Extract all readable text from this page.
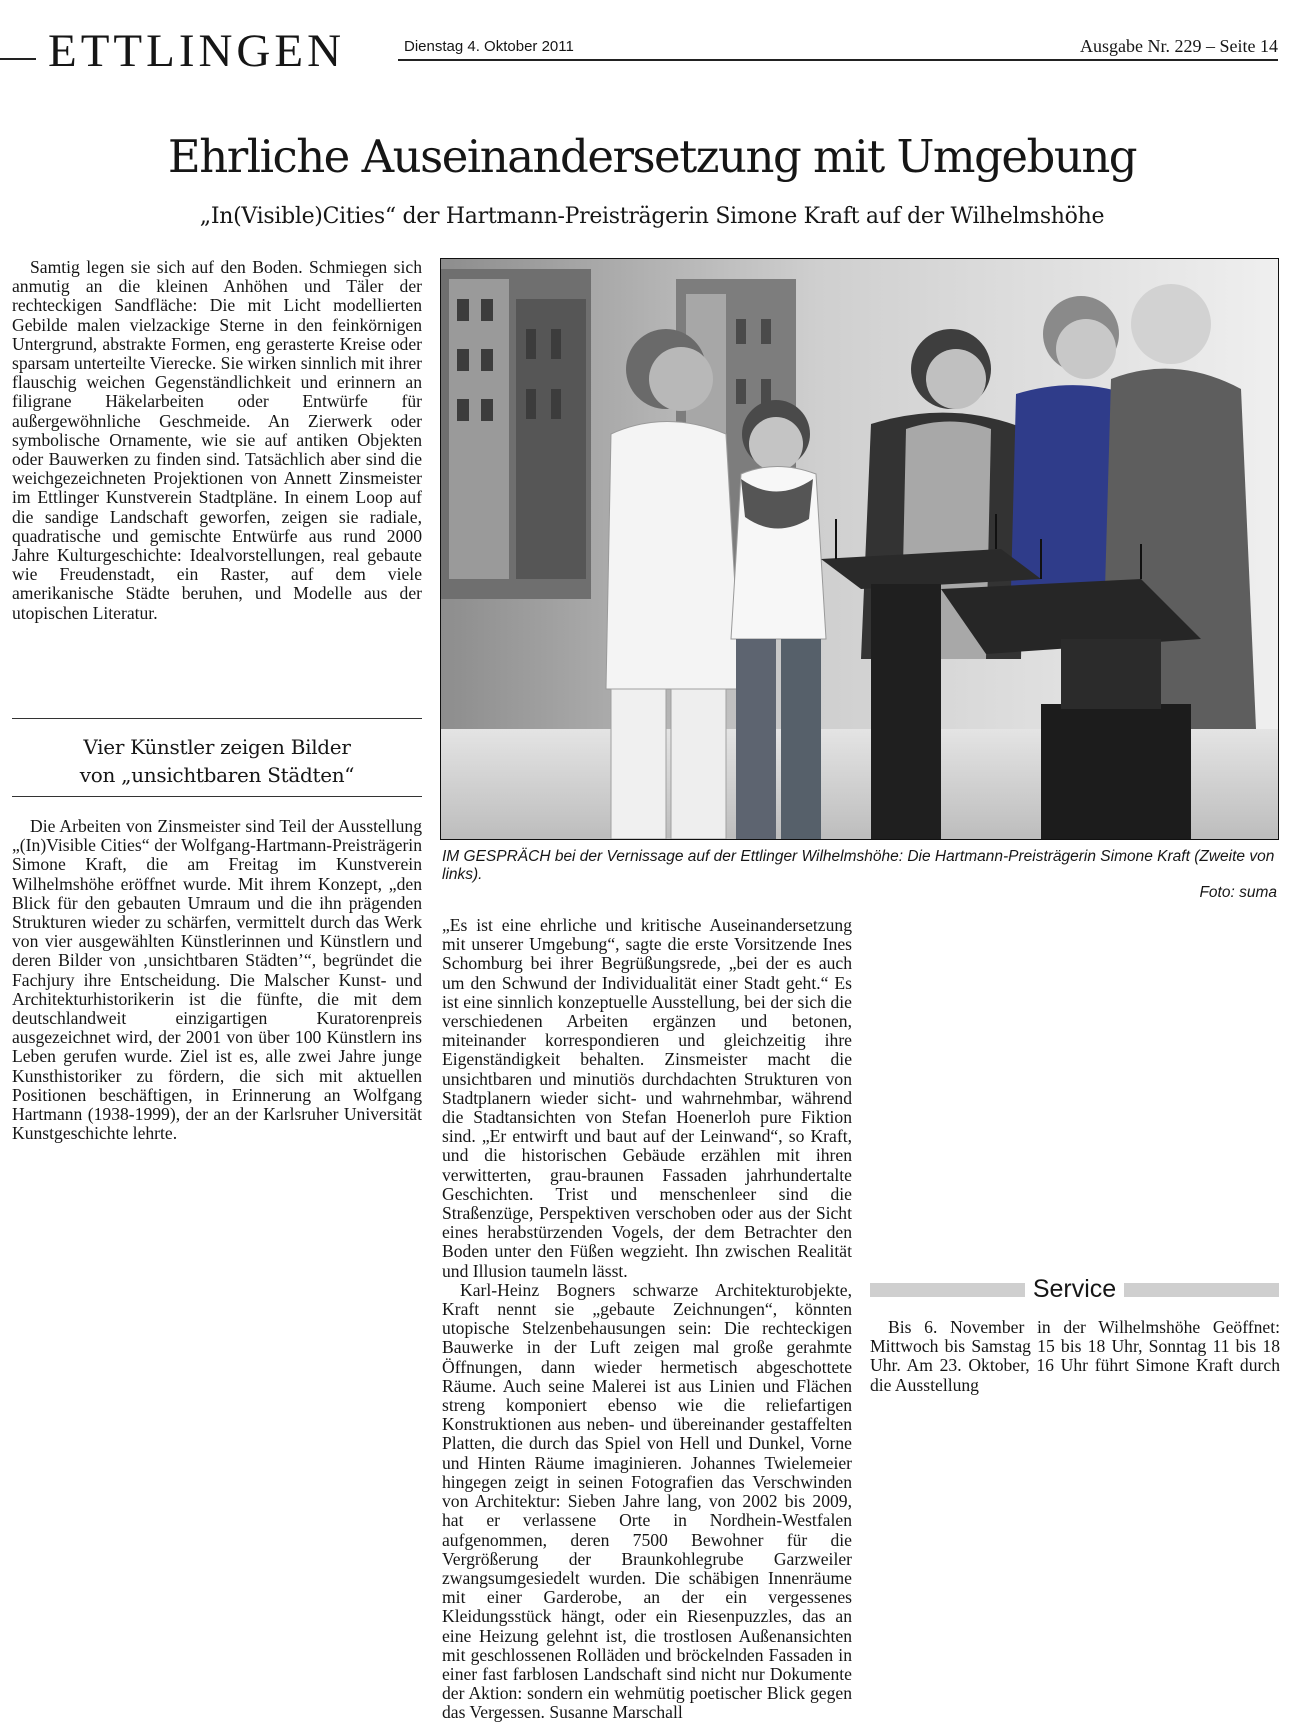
ETTLINGEN	Dienstag 4. Oktober 2011	Ausgabe Nr. 229 – Seite 14
Ehrliche Auseinandersetzung mit Umgebung
„In(Visible)Cities“ der Hartmann-Preisträgerin Simone Kraft auf der Wilhelmshöhe

Samtig legen sie sich auf den Boden. Schmiegen sich anmutig an die kleinen Anhöhen und Täler der rechteckigen Sandfläche: Die mit Licht modellierten Gebilde malen vielzackige Sterne in den feinkörnigen Untergrund, abstrakte Formen, eng gerasterte Kreise oder sparsam unterteilte Vierecke. Sie wirken sinnlich mit ihrer flauschig weichen Gegenständlichkeit und erinnern an filigrane Häkelarbeiten oder Entwürfe für außergewöhnliche Geschmeide. An Zierwerk oder symbolische Ornamente, wie sie auf antiken Objekten oder Bauwerken zu finden sind. Tatsächlich aber sind die weichgezeichneten Projektionen von Annett Zinsmeister im Ettlinger Kunstverein Stadtpläne. In einem Loop auf die sandige Landschaft geworfen, zeigen sie radiale, quadratische und gemischte Entwürfe aus rund 2000 Jahre Kulturgeschichte: Idealvorstellungen, real gebaute wie Freudenstadt, ein Raster, auf dem viele amerikanische Städte beruhen, und Modelle aus der utopischen Literatur.

Vier Künstler zeigen Bilder
von „unsichtbaren Städten“

Die Arbeiten von Zinsmeister sind Teil der Ausstellung „(In)Visible Cities“ der Wolfgang-Hartmann-Preisträgerin Simone Kraft, die am Freitag im Kunstverein Wilhelmshöhe eröffnet wurde. Mit ihrem Konzept, „den Blick für den gebauten Umraum und die ihn prägenden Strukturen wieder zu schärfen, vermittelt durch das Werk von vier ausgewählten Künstlerinnen und Künstlern und deren Bilder von ‚unsichtbaren Städten’“, begründet die Fachjury ihre Entscheidung. Die Malscher Kunst- und Architekturhistorikerin ist die fünfte, die mit dem deutschlandweit einzigartigen Kuratorenpreis ausgezeichnet wird, der 2001 von über 100 Künstlern ins Leben gerufen wurde. Ziel ist es, alle zwei Jahre junge Kunsthistoriker zu fördern, die sich mit aktuellen Positionen beschäftigen, in Erinnerung an Wolfgang Hartmann (1938-1999), der an der Karlsruher Universität Kunstgeschichte lehrte.

IM GESPRÄCH bei der Vernissage auf der Ettlinger Wilhelmshöhe: Die Hartmann-Preisträgerin Simone Kraft (Zweite von links).
Foto: suma

„Es ist eine ehrliche und kritische Auseinandersetzung mit unserer Umgebung“, sagte die erste Vorsitzende Ines Schomburg bei ihrer Begrüßungsrede, „bei der es auch um den Schwund der Individualität einer Stadt geht.“ Es ist eine sinnlich konzeptuelle Ausstellung, bei der sich die verschiedenen Arbeiten ergänzen und betonen, miteinander korrespondieren und gleichzeitig ihre Eigenständigkeit behalten. Zinsmeister macht die unsichtbaren und minutiös durchdachten Strukturen von Stadtplanern wieder sicht- und wahrnehmbar, während die Stadtansichten von Stefan Hoenerloh pure Fiktion sind. „Er entwirft und baut auf der Leinwand“, so Kraft, und die historischen Gebäude erzählen mit ihren verwitterten, grau-braunen Fassaden jahrhundertalte Geschichten. Trist und menschenleer sind die Straßenzüge, Perspektiven verschoben oder aus der Sicht eines herabstürzenden Vogels, der dem Betrachter den Boden unter den Füßen wegzieht. Ihn zwischen Realität und Illusion taumeln lässt.

Karl-Heinz Bogners schwarze Architekturobjekte, Kraft nennt sie „gebaute Zeichnungen“, könnten utopische Stelzenbehausungen sein: Die rechteckigen Bauwerke in der Luft zeigen mal große gerahmte Öffnungen, dann wieder hermetisch abgeschottete Räume. Auch seine Malerei ist aus Linien und Flächen streng komponiert ebenso wie die reliefartigen Konstruktionen aus neben- und übereinander gestaffelten Platten, die durch das Spiel von Hell und Dunkel, Vorne und Hinten Räume imaginieren. Johannes Twielemeier hingegen zeigt in seinen Fotografien das Verschwinden von Architektur: Sieben Jahre lang, von 2002 bis 2009, hat er verlassene Orte in Nordhein-Westfalen aufgenommen, deren 7500 Bewohner für die Vergrößerung der Braunkohlegrube Garzweiler zwangsumgesiedelt wurden. Die schäbigen Innenräume mit einer Garderobe, an der ein vergessenes Kleidungsstück hängt, oder ein Riesenpuzzles, das an eine Heizung gelehnt ist, die trostlosen Außenansichten mit geschlossenen Rolläden und bröckelnden Fassaden in einer fast farblosen Landschaft sind nicht nur Dokumente der Aktion: sondern ein wehmütig poetischer Blick gegen das Vergessen. Susanne Marschall

Service

Bis 6. November in der Wilhelmshöhe Geöffnet: Mittwoch bis Samstag 15 bis 18 Uhr, Sonntag 11 bis 18 Uhr. Am 23. Oktober, 16 Uhr führt Simone Kraft durch die Ausstellung
